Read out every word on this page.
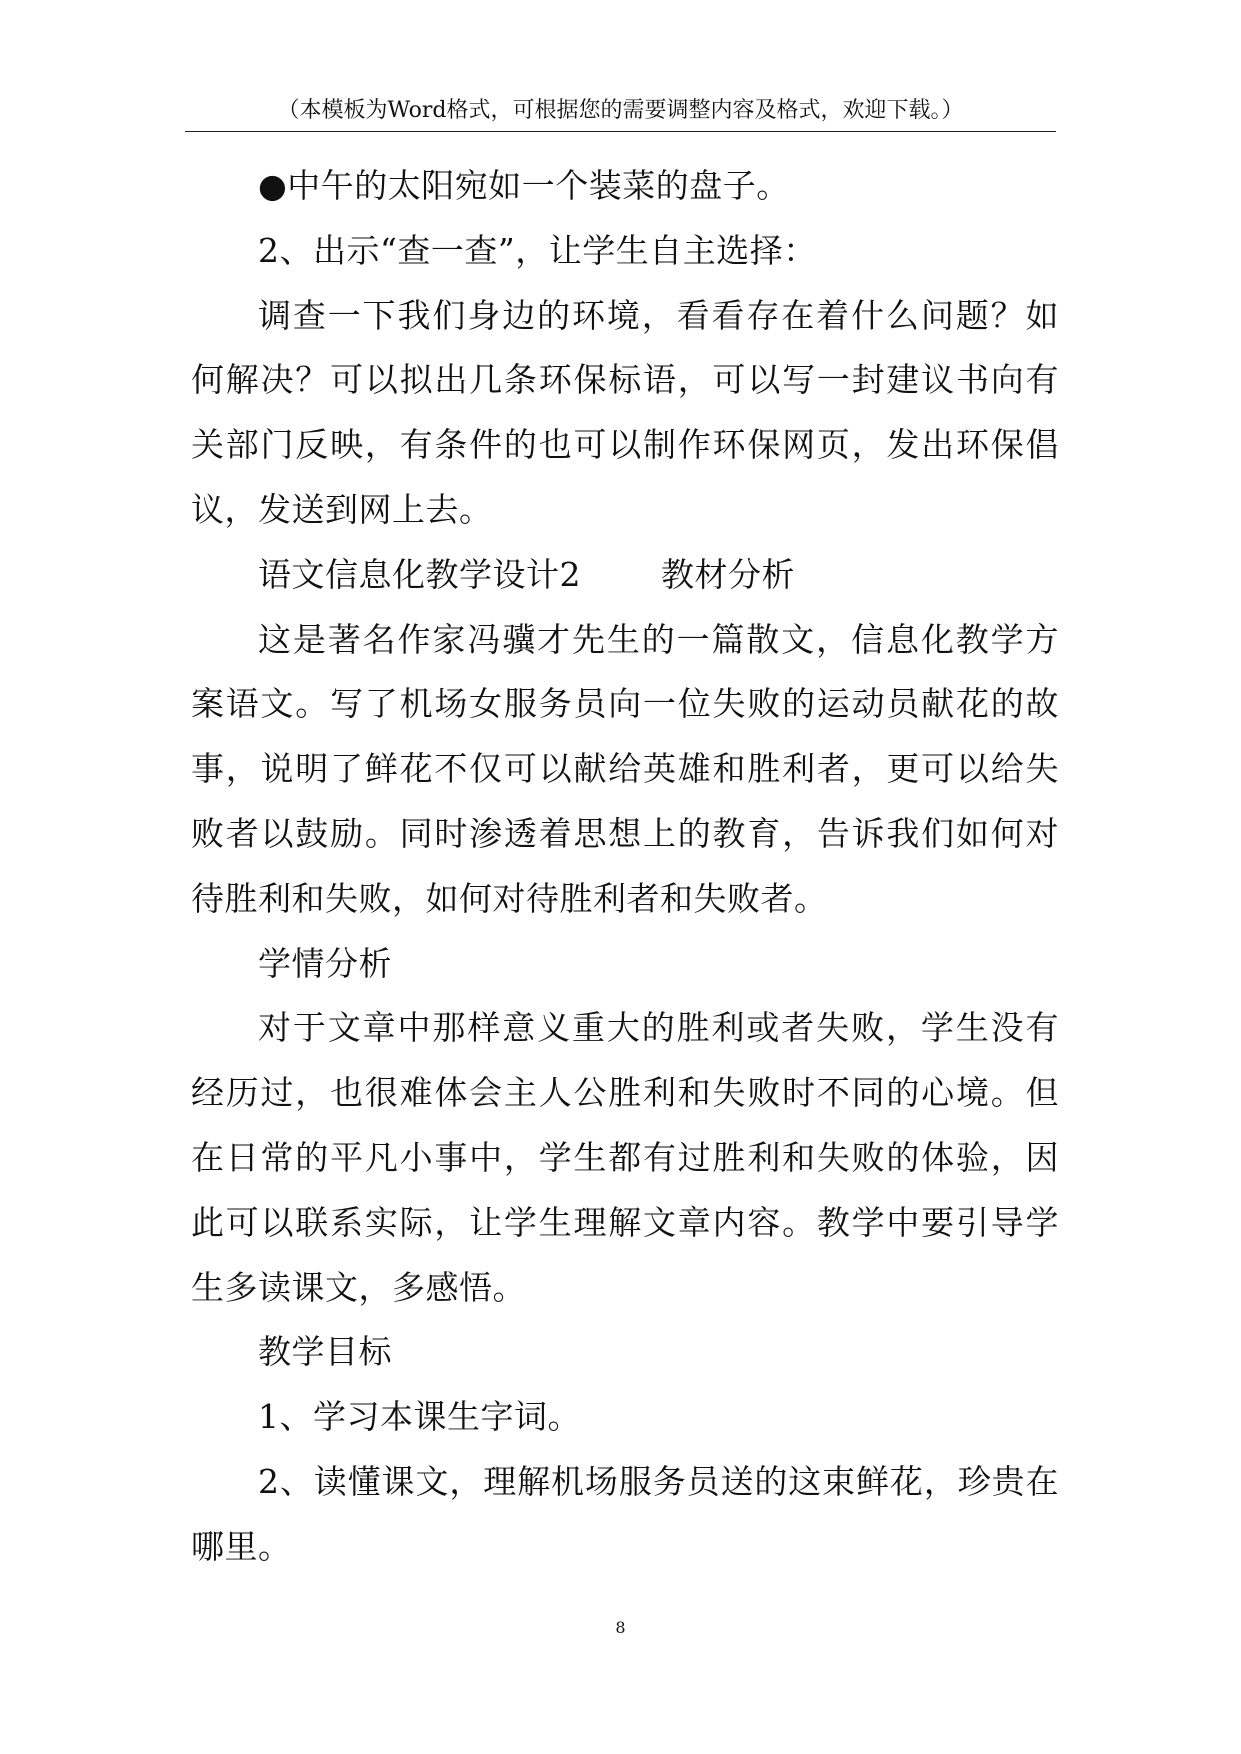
（本模板为Word格式，可根据您的需要调整内容及格式，欢迎下载。）

●中午的太阳宛如一个装菜的盘子。

2、出示“查一查”，让学生自主选择：

调查一下我们身边的环境，看看存在着什么问题？如何解决？可以拟出几条环保标语，可以写一封建议书向有关部门反映，有条件的也可以制作环保网页，发出环保倡议，发送到网上去。

语文信息化教学设计2 教材分析

这是著名作家冯骥才先生的一篇散文，信息化教学方案语文。写了机场女服务员向一位失败的运动员献花的故事，说明了鲜花不仅可以献给英雄和胜利者，更可以给失败者以鼓励。同时渗透着思想上的教育，告诉我们如何对待胜利和失败，如何对待胜利者和失败者。

学情分析

对于文章中那样意义重大的胜利或者失败，学生没有经历过，也很难体会主人公胜利和失败时不同的心境。但在日常的平凡小事中，学生都有过胜利和失败的体验，因此可以联系实际，让学生理解文章内容。教学中要引导学生多读课文，多感悟。

教学目标

1、学习本课生字词。

2、读懂课文，理解机场服务员送的这束鲜花，珍贵在哪里。

8
